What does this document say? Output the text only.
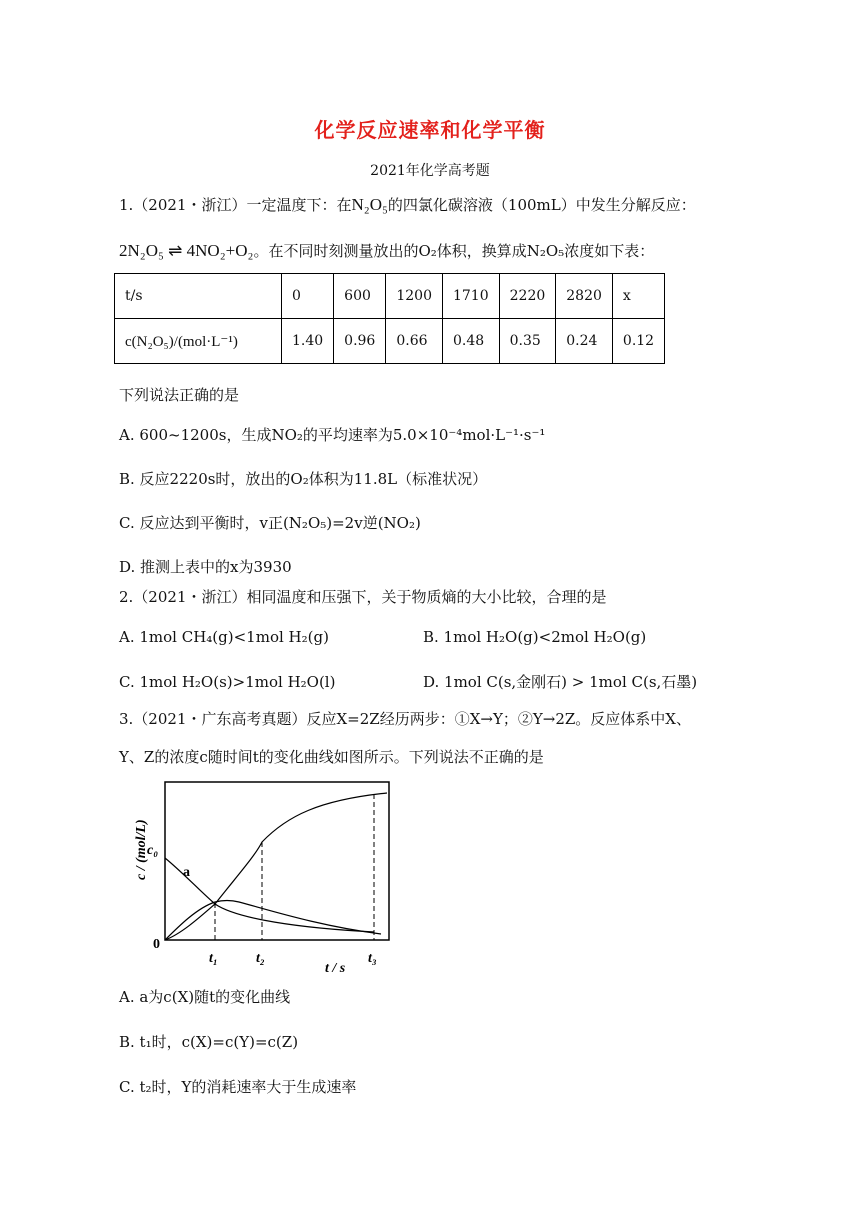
化学反应速率和化学平衡
2021年化学高考题
1.（2021・浙江）一定温度下：在N₂O₅的四氯化碳溶液（100mL）中发生分解反应：
2N₂O₅ ⇌ 4NO₂+O₂。在不同时刻测量放出的O₂体积，换算成N₂O₅浓度如下表：
t/s	0	600	1200	1710	2220	2820	x
c(N₂O₅)/(mol·L⁻¹)	1.40	0.96	0.66	0.48	0.35	0.24	0.12
下列说法正确的是
A. 600~1200s，生成NO₂的平均速率为5.0×10⁻⁴mol·L⁻¹·s⁻¹
B. 反应2220s时，放出的O₂体积为11.8L（标准状况）
C. 反应达到平衡时，v正(N₂O₅)=2v逆(NO₂)
D. 推测上表中的x为3930
2.（2021・浙江）相同温度和压强下，关于物质熵的大小比较，合理的是
A. 1mol CH₄(g)<1mol H₂(g)	B. 1mol H₂O(g)<2mol H₂O(g)
C. 1mol H₂O(s)>1mol H₂O(l)	D. 1mol C(s,金刚石) > 1mol C(s,石墨)
3.（2021・广东高考真题）反应X=2Z经历两步：①X→Y；②Y→2Z。反应体系中X、
Y、Z的浓度c随时间t的变化曲线如图所示。下列说法不正确的是
c₀
a
0
t₁	t₂	t₃
t / s
c / (mol/L)
A. a为c(X)随t的变化曲线
B. t₁时，c(X)=c(Y)=c(Z)
C. t₂时，Y的消耗速率大于生成速率
